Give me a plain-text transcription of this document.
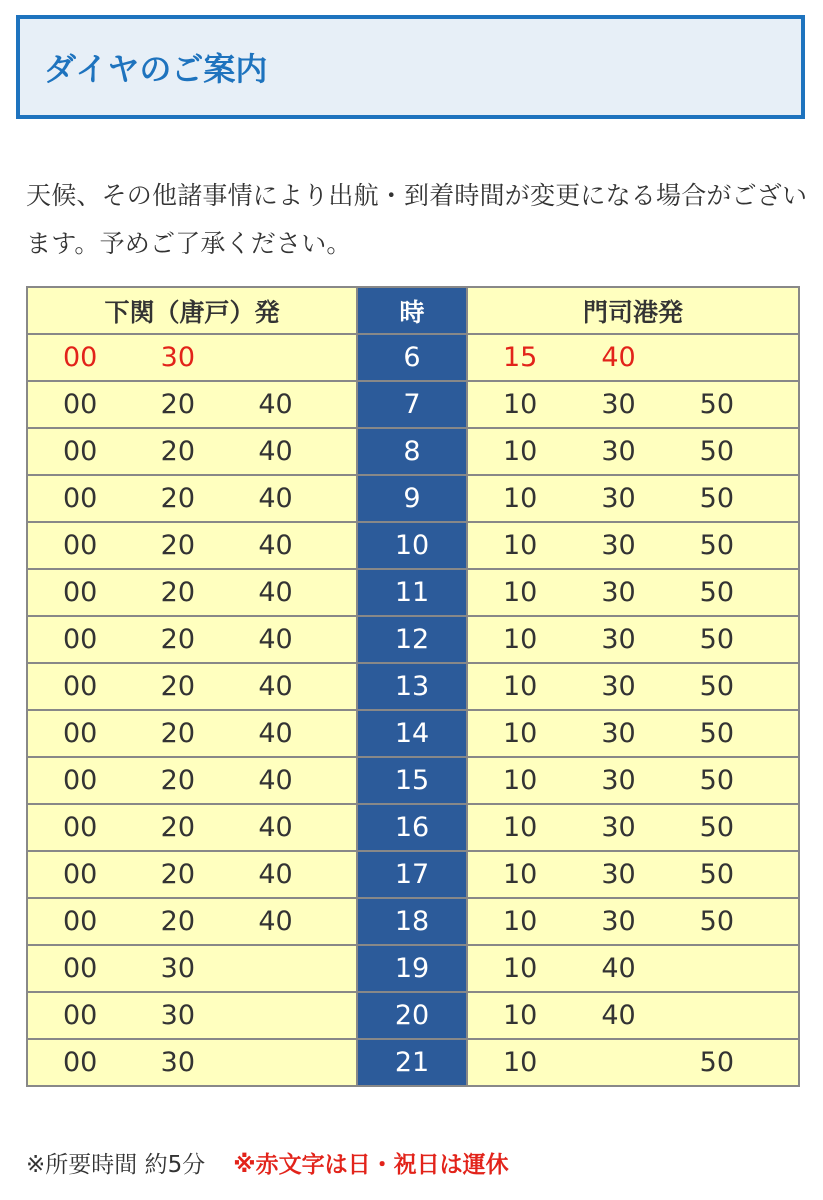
ダイヤのご案内

天候、その他諸事情により出航・到着時間が変更になる場合がございます。予めご了承ください。

下関（唐戸）発	時	門司港発

00 30	6	15 40

00 20 40	7	10 30 50

00 20 40	8	10 30 50

00 20 40	9	10 30 50

00 20 40	10	10 30 50

00 20 40	11	10 30 50

00 20 40	12	10 30 50

00 20 40	13	10 30 50

00 20 40	14	10 30 50

00 20 40	15	10 30 50

00 20 40	16	10 30 50

00 20 40	17	10 30 50

00 20 40	18	10 30 50

00 30	19	10 40

00 30	20	10 40

00 30	21	10 50
※所要時間 約5分 ※赤文字は日・祝日は運休
